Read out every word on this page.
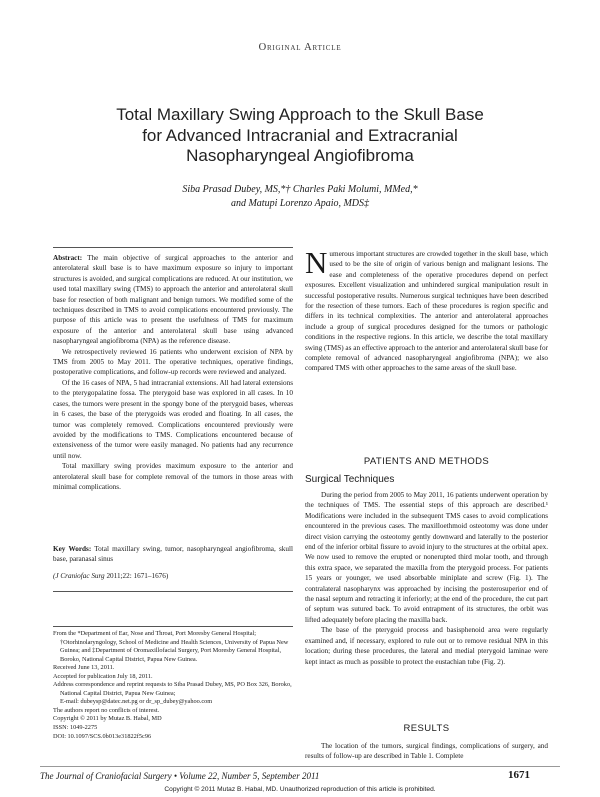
Original Article
Total Maxillary Swing Approach to the Skull Base
for Advanced Intracranial and Extracranial
Nasopharyngeal Angiofibroma
Siba Prasad Dubey, MS,*† Charles Paki Molumi, MMed,*
and Matupi Lorenzo Apaio, MDS‡

Abstract: The main objective of surgical approaches to the anterior and anterolateral skull base is to have maximum exposure so injury to important structures is avoided, and surgical complications are reduced. At our institution, we used total maxillary swing (TMS) to approach the anterior and anterolateral skull base for resection of both malignant and benign tumors. We modified some of the techniques described in TMS to avoid complications encountered previously. The purpose of this article was to present the usefulness of TMS for maximum exposure of the anterior and anterolateral skull base using advanced nasopharyngeal angiofibroma (NPA) as the reference disease.

We retrospectively reviewed 16 patients who underwent excision of NPA by TMS from 2005 to May 2011. The operative techniques, operative findings, postoperative complications, and follow-up records were reviewed and analyzed.

Of the 16 cases of NPA, 5 had intracranial extensions. All had lateral extensions to the pterygopalatine fossa. The pterygoid base was explored in all cases. In 10 cases, the tumors were present in the spongy bone of the pterygoid bases, whereas in 6 cases, the base of the pterygoids was eroded and floating. In all cases, the tumor was completely removed. Complications encountered previously were avoided by the modifications to TMS. Complications encountered because of extensiveness of the tumor were easily managed. No patients had any recurrence until now.

Total maxillary swing provides maximum exposure to the anterior and anterolateral skull base for complete removal of the tumors in those areas with minimal complications.

Key Words: Total maxillary swing, tumor, nasopharyngeal angiofibroma, skull base, paranasal sinus

(J Craniofac Surg 2011;22: 1671–1676)

From the *Department of Ear, Nose and Throat, Port Moresby General Hospital; †Otorhinolaryngology, School of Medicine and Health Sciences, University of Papua New Guinea; and ‡Department of Oromaxillofacial Surgery, Port Moresby General Hospital, Boroko, National Capital District, Papua New Guinea.

Received June 13, 2011.

Accepted for publication July 18, 2011.

Address correspondence and reprint requests to Siba Prasad Dubey, MS, PO Box 326, Boroko, National Capital District, Papua New Guinea;

E-mail: dubeysp@datec.net.pg or dr_sp_dubey@yahoo.com

The authors report no conflicts of interest.

Copyright © 2011 by Mutaz B. Habal, MD

ISSN: 1049-2275

DOI: 10.1097/SCS.0b013e31822f5c96

Numerous important structures are crowded together in the skull base, which used to be the site of origin of various benign and malignant lesions. The ease and completeness of the operative procedures depend on perfect exposures. Excellent visualization and unhindered surgical manipulation result in successful postoperative results. Numerous surgical techniques have been described for the resection of these tumors. Each of these procedures is region specific and differs in its technical complexities. The anterior and anterolateral approaches include a group of surgical procedures designed for the tumors or pathologic conditions in the respective regions. In this article, we describe the total maxillary swing (TMS) as an effective approach to the anterior and anterolateral skull base for complete removal of advanced nasopharyngeal angiofibroma (NPA); we also compared TMS with other approaches to the same areas of the skull base.

PATIENTS AND METHODS
Surgical Techniques

During the period from 2005 to May 2011, 16 patients underwent operation by the techniques of TMS. The essential steps of this approach are described.¹ Modifications were included in the subsequent TMS cases to avoid complications encountered in the previous cases. The maxilloethmoid osteotomy was done under direct vision carrying the osteotomy gently downward and laterally to the posterior end of the inferior orbital fissure to avoid injury to the structures at the orbital apex. We now used to remove the erupted or nonerupted third molar tooth, and through this extra space, we separated the maxilla from the pterygoid process. For patients 15 years or younger, we used absorbable miniplate and screw (Fig. 1). The contralateral nasopharynx was approached by incising the posterosuperior end of the nasal septum and retracting it inferiorly; at the end of the procedure, the cut part of septum was sutured back. To avoid entrapment of its structures, the orbit was lifted adequately before placing the maxilla back.

The base of the pterygoid process and basisphenoid area were regularly examined and, if necessary, explored to rule out or to remove residual NPA in this location; during these procedures, the lateral and medial pterygoid laminae were kept intact as much as possible to protect the eustachian tube (Fig. 2).

RESULTS

The location of the tumors, surgical findings, complications of surgery, and results of follow-up are described in Table 1. Complete

The Journal of Craniofacial Surgery • Volume 22, Number 5, September 2011	1671
Copyright © 2011 Mutaz B. Habal, MD. Unauthorized reproduction of this article is prohibited.
